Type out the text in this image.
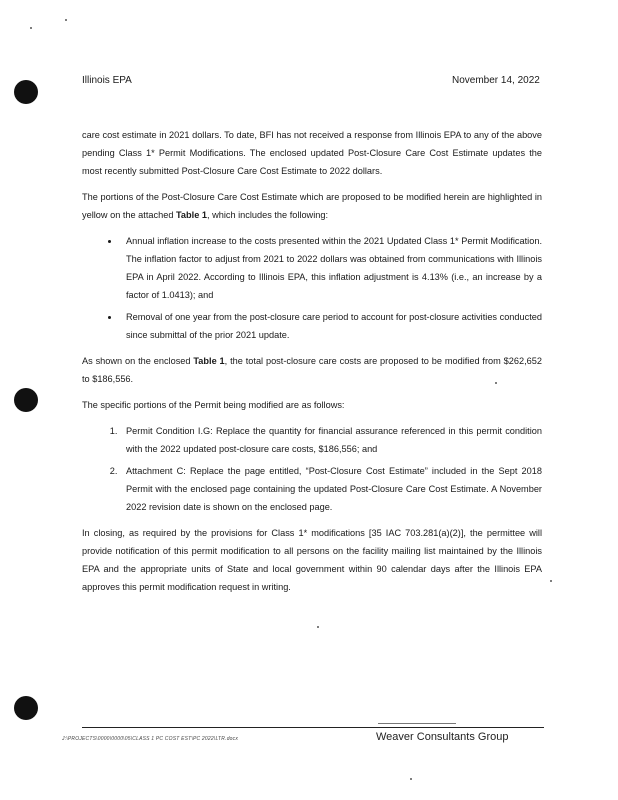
Illinois EPA	November 14, 2022

care cost estimate in 2021 dollars. To date, BFI has not received a response from Illinois EPA to any of the above pending Class 1* Permit Modifications. The enclosed updated Post-Closure Care Cost Estimate updates the most recently submitted Post-Closure Care Cost Estimate to 2022 dollars.

The portions of the Post-Closure Care Cost Estimate which are proposed to be modified herein are highlighted in yellow on the attached Table 1, which includes the following:

• Annual inflation increase to the costs presented within the 2021 Updated Class 1* Permit Modification. The inflation factor to adjust from 2021 to 2022 dollars was obtained from communications with Illinois EPA in April 2022. According to Illinois EPA, this inflation adjustment is 4.13% (i.e., an increase by a factor of 1.0413); and
• Removal of one year from the post-closure care period to account for post-closure activities conducted since submittal of the prior 2021 update.

As shown on the enclosed Table 1, the total post-closure care costs are proposed to be modified from $262,652 to $186,556.

The specific portions of the Permit being modified are as follows:

1. Permit Condition I.G: Replace the quantity for financial assurance referenced in this permit condition with the 2022 updated post-closure care costs, $186,556; and
2. Attachment C: Replace the page entitled, “Post-Closure Cost Estimate” included in the Sept 2018 Permit with the enclosed page containing the updated Post-Closure Care Cost Estimate. A November 2022 revision date is shown on the enclosed page.

In closing, as required by the provisions for Class 1* modifications [35 IAC 703.281(a)(2)], the permittee will provide notification of this permit modification to all persons on the facility mailing list maintained by the Illinois EPA and the appropriate units of State and local government within 90 calendar days after the Illinois EPA approves this permit modification request in writing.

J:\PROJECTS\0000\0000\05\CLASS 1 PC COST EST\PC 2022\LTR.docx	Weaver Consultants Group
